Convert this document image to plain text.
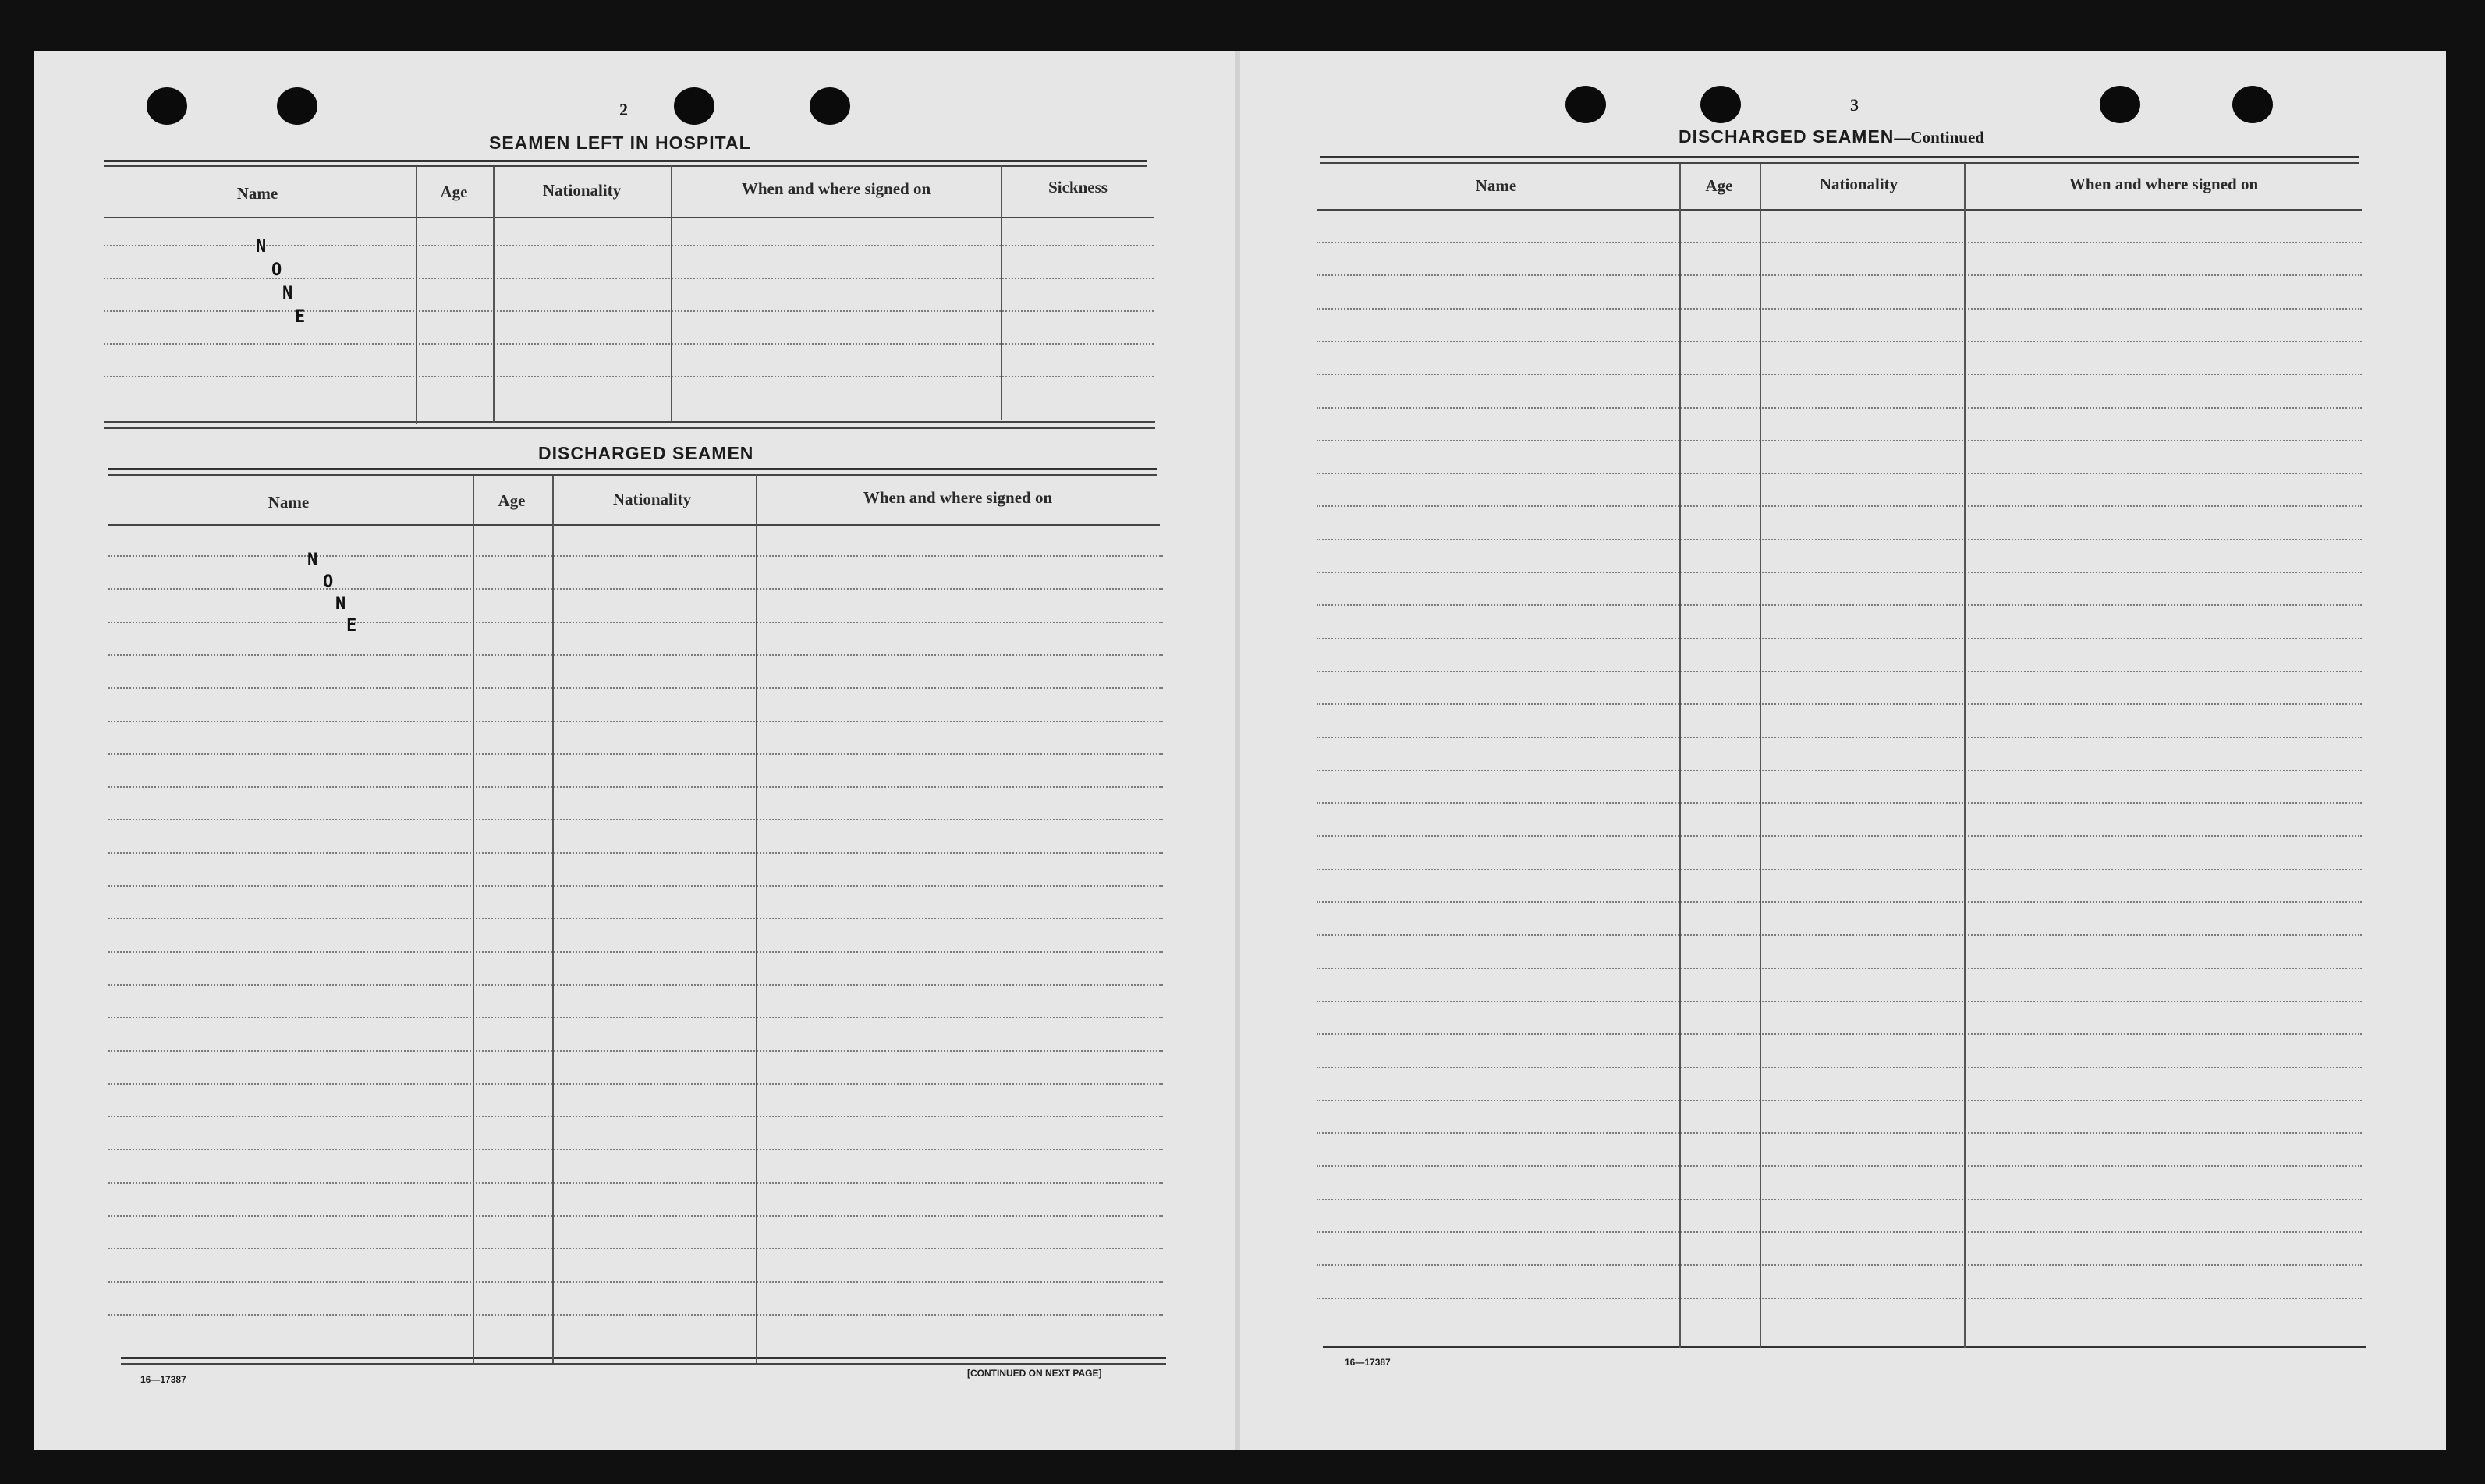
2
SEAMEN LEFT IN HOSPITAL
Name	Age	Nationality	When and where signed on	Sickness
N
O
N
E
DISCHARGED SEAMEN
Name	Age	Nationality	When and where signed on
N
O
N
E
16—17387
[CONTINUED ON NEXT PAGE]
3
DISCHARGED SEAMEN—Continued
Name	Age	Nationality	When and where signed on
16—17387
